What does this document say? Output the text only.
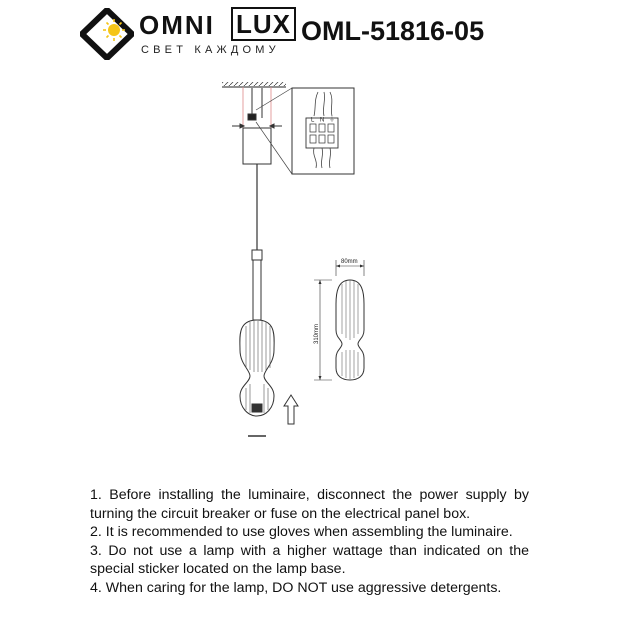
OMNI LUX
СВЕТ КАЖДОМУ
OML-51816-05
L N ⏚
80mm
310mm

1. Before installing the luminaire, disconnect the power supply by turning the circuit breaker or fuse on the electrical panel box.

2. It is recommended to use gloves when assembling the luminaire.

3. Do not use a lamp with a higher wattage than indicated on the special sticker located on the lamp base.

4. When caring for the lamp, DO NOT use aggressive detergents.
